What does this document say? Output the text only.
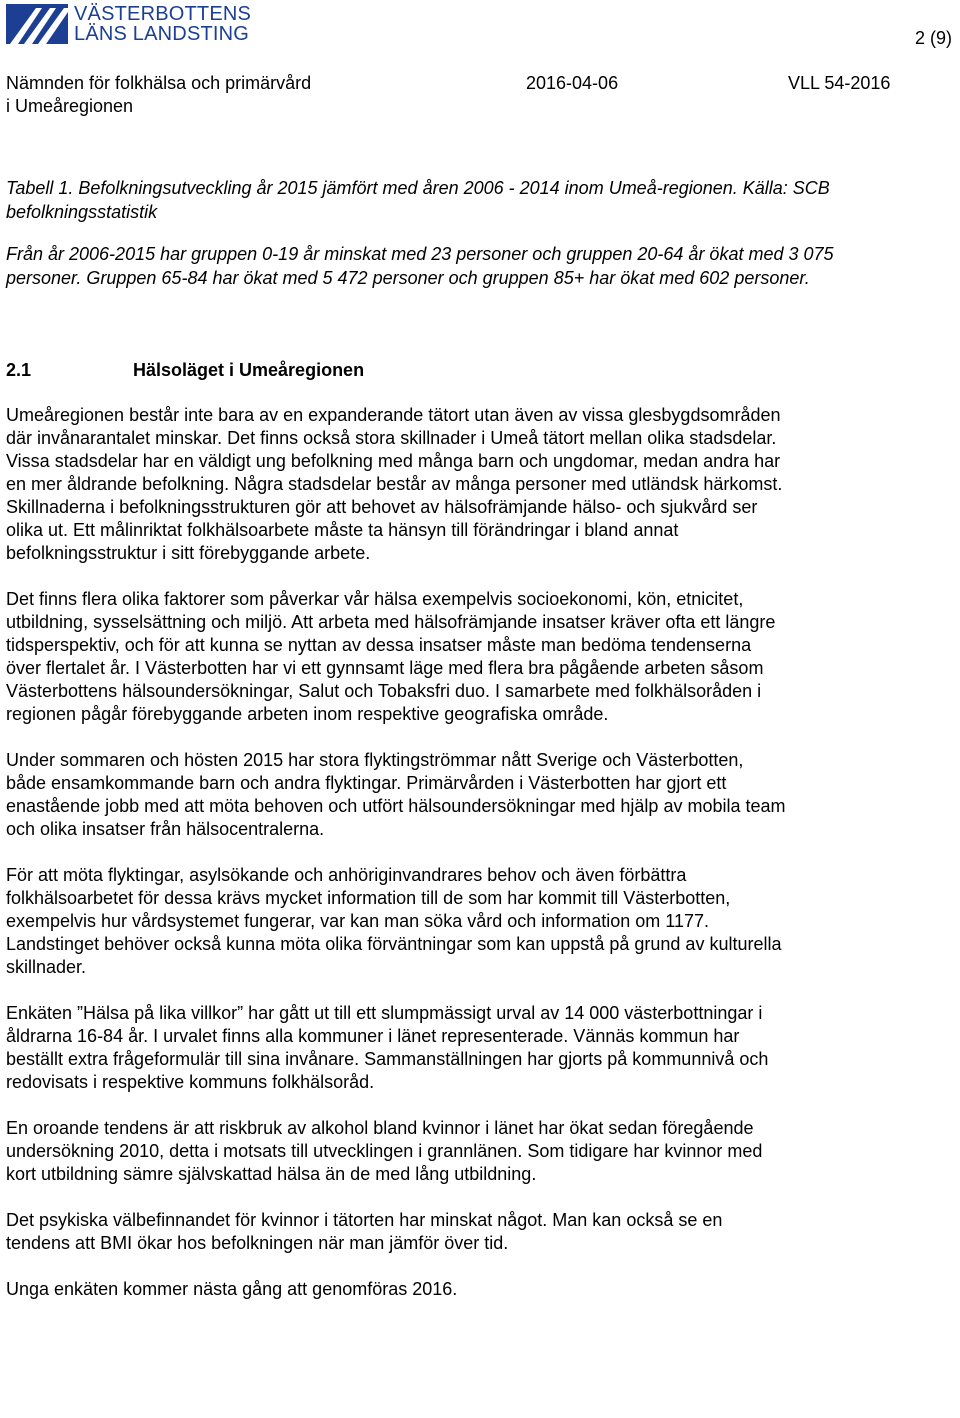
VÄSTERBOTTENS
LÄNS LANDSTING	2 (9)
Nämnden för folkhälsa och primärvård	2016-04-06	VLL 54-2016
i Umeåregionen

Tabell 1. Befolkningsutveckling år 2015 jämfört med åren 2006 - 2014 inom Umeå-regionen. Källa: SCB befolkningsstatistik

Från år 2006-2015 har gruppen 0-19 år minskat med 23 personer och gruppen 20-64 år ökat med 3 075 personer. Gruppen 65-84 har ökat med 5 472 personer och gruppen 85+ har ökat med 602 personer.

2.1	Hälsoläget i Umeåregionen

Umeåregionen består inte bara av en expanderande tätort utan även av vissa glesbygdsområden där invånarantalet minskar. Det finns också stora skillnader i Umeå tätort mellan olika stadsdelar. Vissa stadsdelar har en väldigt ung befolkning med många barn och ungdomar, medan andra har en mer åldrande befolkning. Några stadsdelar består av många personer med utländsk härkomst. Skillnaderna i befolkningsstrukturen gör att behovet av hälsofrämjande hälso- och sjukvård ser olika ut. Ett målinriktat folkhälsoarbete måste ta hänsyn till förändringar i bland annat befolkningsstruktur i sitt förebyggande arbete.

Det finns flera olika faktorer som påverkar vår hälsa exempelvis socioekonomi, kön, etnicitet, utbildning, sysselsättning och miljö. Att arbeta med hälsofrämjande insatser kräver ofta ett längre tidsperspektiv, och för att kunna se nyttan av dessa insatser måste man bedöma tendenserna över flertalet år. I Västerbotten har vi ett gynnsamt läge med flera bra pågående arbeten såsom Västerbottens hälsoundersökningar, Salut och Tobaksfri duo. I samarbete med folkhälsoråden i regionen pågår förebyggande arbeten inom respektive geografiska område.

Under sommaren och hösten 2015 har stora flyktingströmmar nått Sverige och Västerbotten, både ensamkommande barn och andra flyktingar. Primärvården i Västerbotten har gjort ett enastående jobb med att möta behoven och utfört hälsoundersökningar med hjälp av mobila team och olika insatser från hälsocentralerna.

För att möta flyktingar, asylsökande och anhöriginvandrares behov och även förbättra folkhälsoarbetet för dessa krävs mycket information till de som har kommit till Västerbotten, exempelvis hur vårdsystemet fungerar, var kan man söka vård och information om 1177. Landstinget behöver också kunna möta olika förväntningar som kan uppstå på grund av kulturella skillnader.

Enkäten ”Hälsa på lika villkor” har gått ut till ett slumpmässigt urval av 14 000 västerbottningar i åldrarna 16-84 år. I urvalet finns alla kommuner i länet representerade. Vännäs kommun har beställt extra frågeformulär till sina invånare. Sammanställningen har gjorts på kommunnivå och redovisats i respektive kommuns folkhälsoråd.

En oroande tendens är att riskbruk av alkohol bland kvinnor i länet har ökat sedan föregående undersökning 2010, detta i motsats till utvecklingen i grannlänen. Som tidigare har kvinnor med kort utbildning sämre självskattad hälsa än de med lång utbildning.

Det psykiska välbefinnandet för kvinnor i tätorten har minskat något. Man kan också se en tendens att BMI ökar hos befolkningen när man jämför över tid.

Unga enkäten kommer nästa gång att genomföras 2016.
